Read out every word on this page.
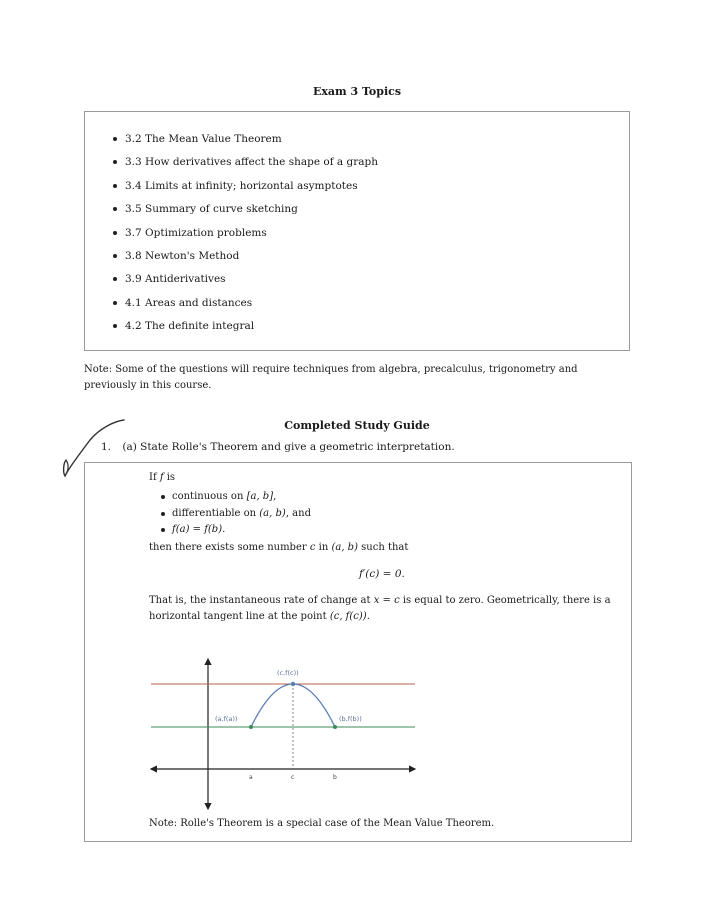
Exam 3 Topics
3.2 The Mean Value Theorem
3.3 How derivatives affect the shape of a graph
3.4 Limits at infinity; horizontal asymptotes
3.5 Summary of curve sketching
3.7 Optimization problems
3.8 Newton's Method
3.9 Antiderivatives
4.1 Areas and distances
4.2 The definite integral
Note: Some of the questions will require techniques from algebra, precalculus, trigonometry and previously in this course.
Completed Study Guide
1. (a) State Rolle's Theorem and give a geometric interpretation.
If f is
continuous on [a, b],
differentiable on (a, b), and
f(a) = f(b).
then there exists some number c in (a, b) such that
f′(c) = 0.
That is, the instantaneous rate of change at x = c is equal to zero. Geometrically, there is a horizontal tangent line at the point (c, f(c)).
(c,f(c))
(a,f(a))	(b,f(b))
a	c	b
Note: Rolle's Theorem is a special case of the Mean Value Theorem.
